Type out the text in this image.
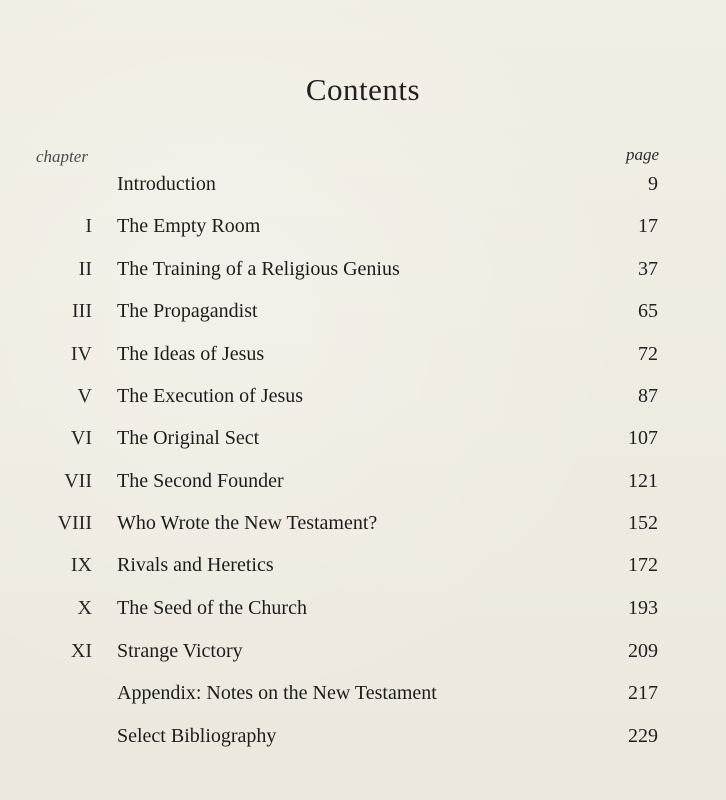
Contents
chapter	page
Introduction	9
I The Empty Room	17
II The Training of a Religious Genius	37
III The Propagandist	65
IV The Ideas of Jesus	72
V The Execution of Jesus	87
VI The Original Sect	107
VII The Second Founder	121
VIII Who Wrote the New Testament?	152
IX Rivals and Heretics	172
X The Seed of the Church	193
XI Strange Victory	209
Appendix: Notes on the New Testament	217
Select Bibliography	229
